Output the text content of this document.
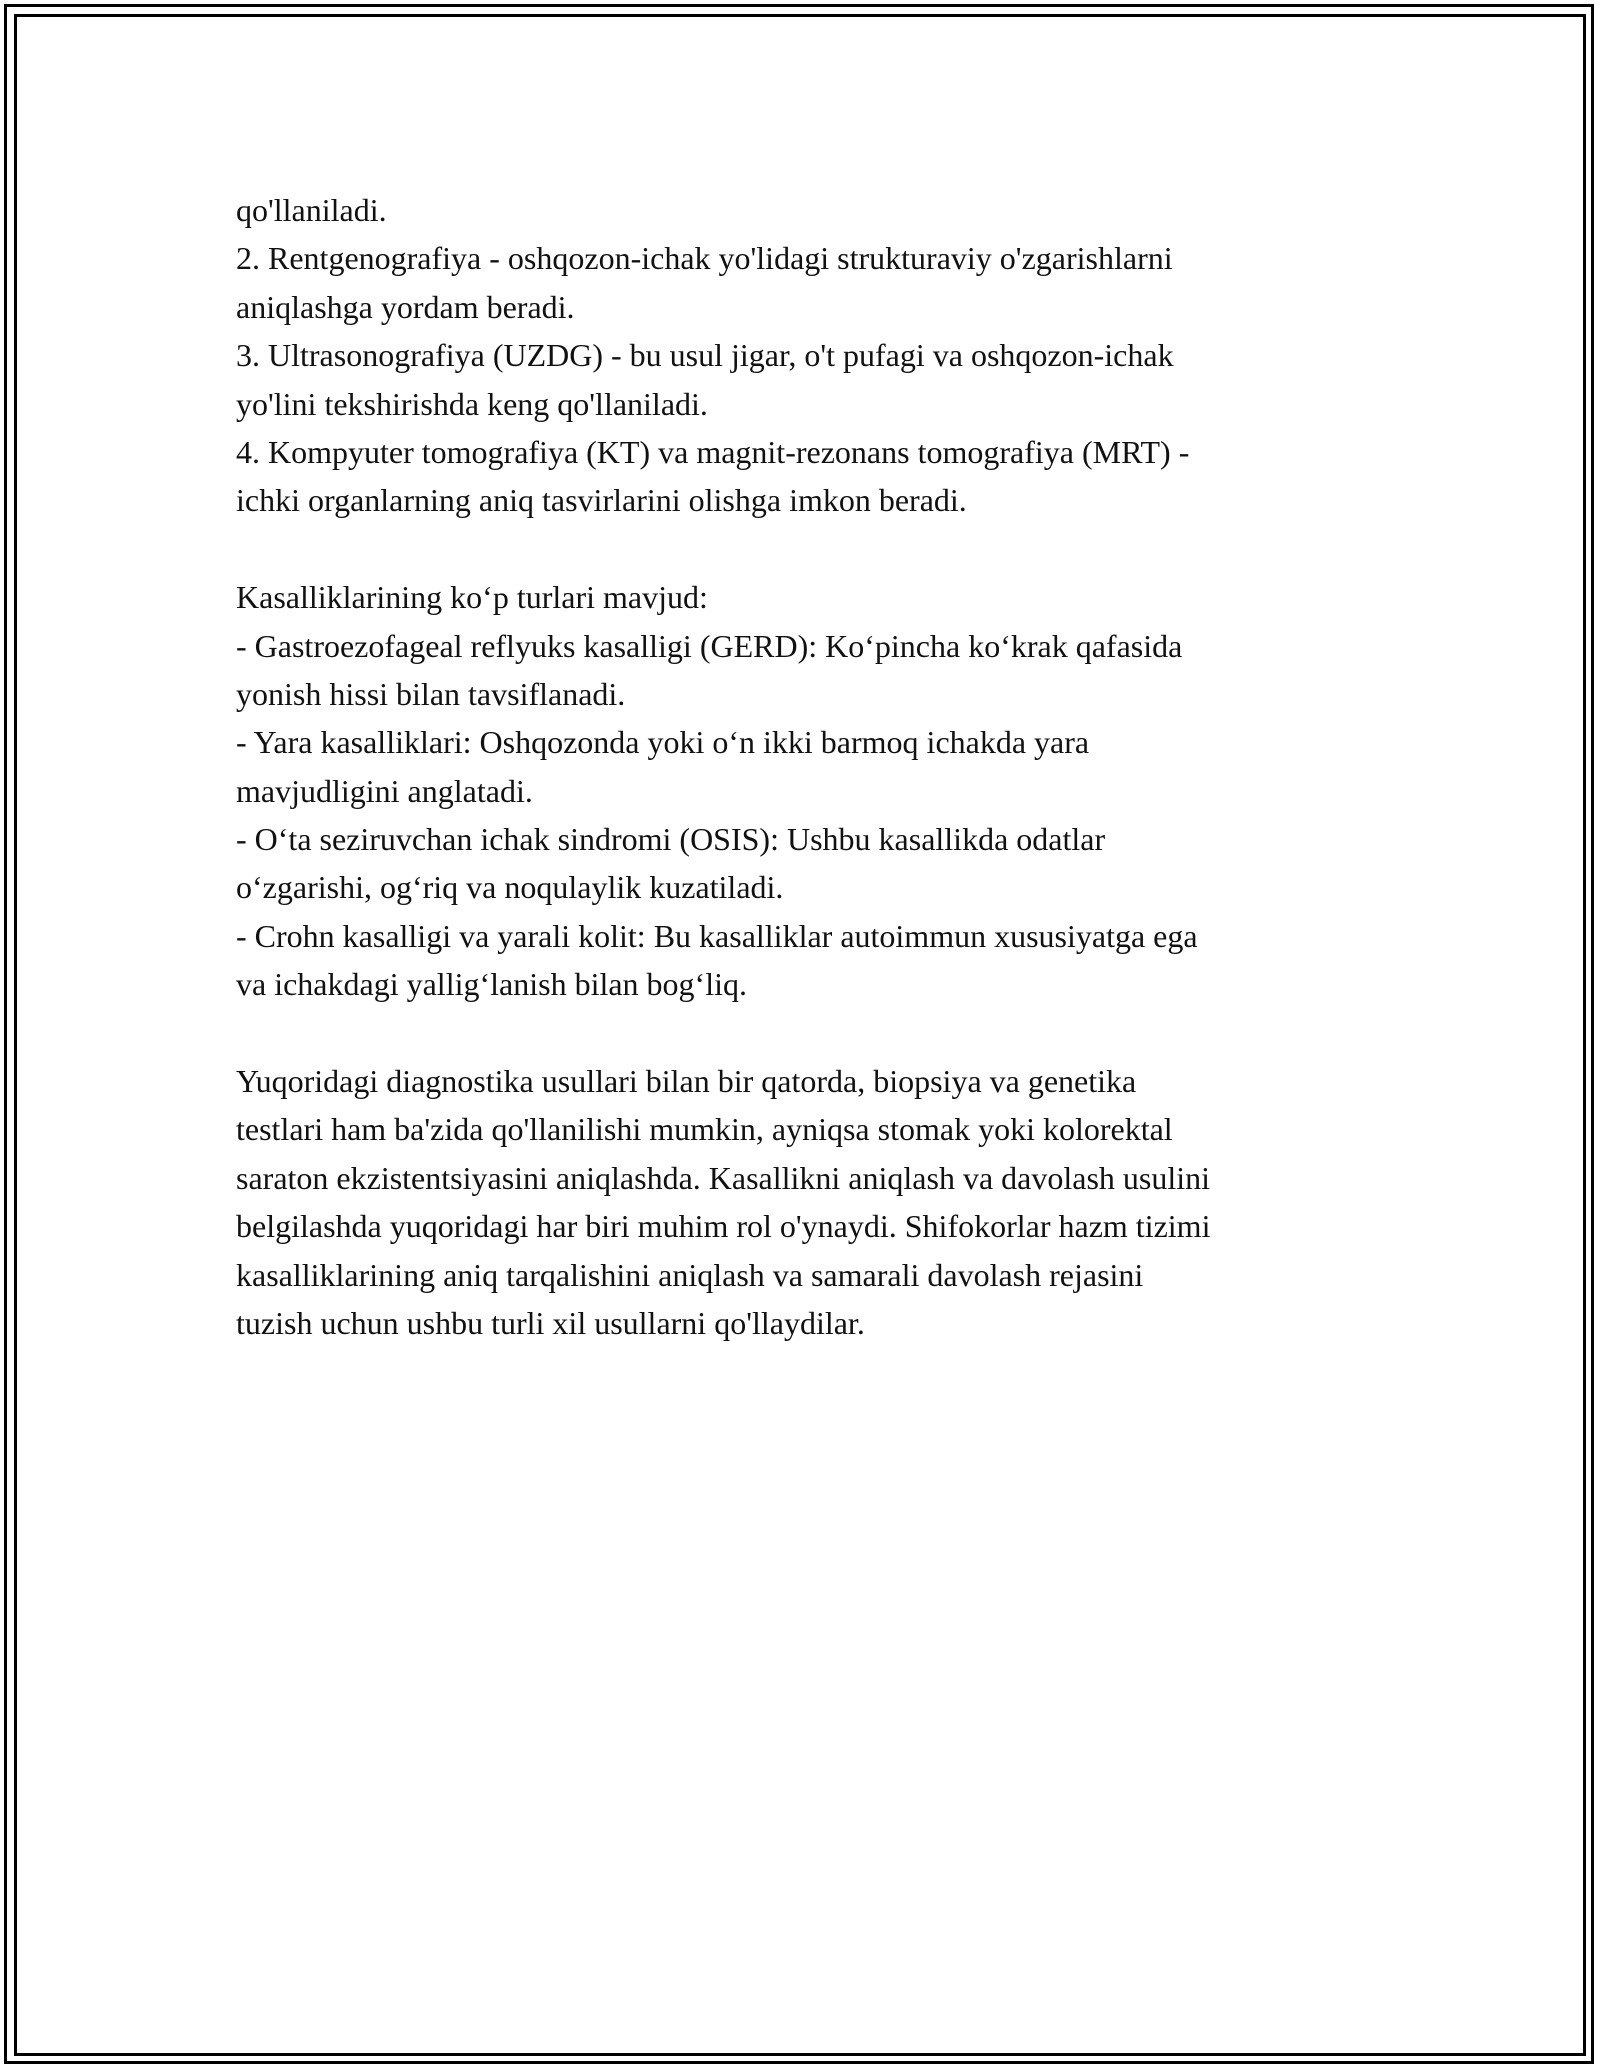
qo'llaniladi.
2. Rentgenografiya - oshqozon-ichak yo'lidagi strukturaviy o'zgarishlarni
aniqlashga yordam beradi.
3. Ultrasonografiya (UZDG) - bu usul jigar, o't pufagi va oshqozon-ichak
yo'lini tekshirishda keng qo'llaniladi.
4. Kompyuter tomografiya (KT) va magnit-rezonans tomografiya (MRT) -
ichki organlarning aniq tasvirlarini olishga imkon beradi.
Kasalliklarining koʻp turlari mavjud:
- Gastroezofageal reflyuks kasalligi (GERD): Koʻpincha koʻkrak qafasida
yonish hissi bilan tavsiflanadi.
- Yara kasalliklari: Oshqozonda yoki oʻn ikki barmoq ichakda yara
mavjudligini anglatadi.
- Oʻta seziruvchan ichak sindromi (OSIS): Ushbu kasallikda odatlar
oʻzgarishi, ogʻriq va noqulaylik kuzatiladi.
- Crohn kasalligi va yarali kolit: Bu kasalliklar autoimmun xususiyatga ega
va ichakdagi yalligʻlanish bilan bogʻliq.
Yuqoridagi diagnostika usullari bilan bir qatorda, biopsiya va genetika
testlari ham ba'zida qo'llanilishi mumkin, ayniqsa stomak yoki kolorektal
saraton ekzistentsiyasini aniqlashda. Kasallikni aniqlash va davolash usulini
belgilashda yuqoridagi har biri muhim rol o'ynaydi. Shifokorlar hazm tizimi
kasalliklarining aniq tarqalishini aniqlash va samarali davolash rejasini
tuzish uchun ushbu turli xil usullarni qo'llaydilar.
